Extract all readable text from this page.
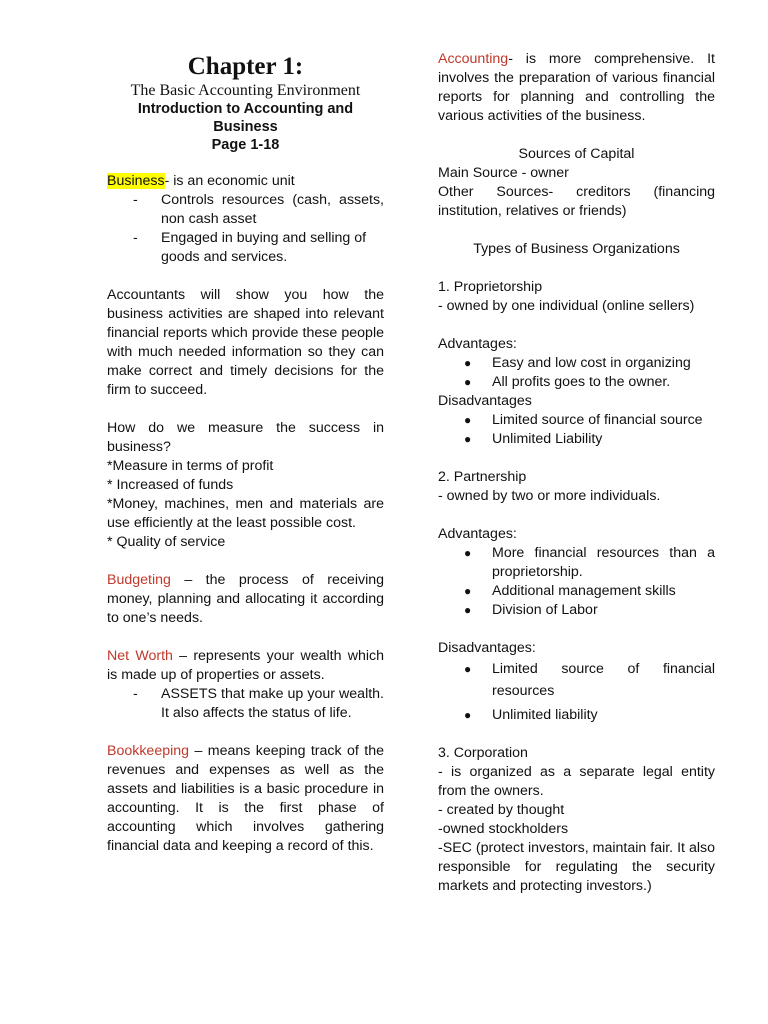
Chapter 1:
The Basic Accounting Environment
Introduction to Accounting and Business
Page 1-18

Business- is an economic unit

- Controls resources (cash, assets, non cash asset
- Engaged in buying and selling of goods and services.

Accountants will show you how the business activities are shaped into relevant financial reports which provide these people with much needed information so they can make correct and timely decisions for the firm to succeed.

How do we measure the success in business?

*Measure in terms of profit

* Increased of funds

*Money, machines, men and materials are use efficiently at the least possible cost.

* Quality of service

Budgeting – the process of receiving money, planning and allocating it according to one’s needs.

Net Worth – represents your wealth which is made up of properties or assets.

- ASSETS that make up your wealth. It also affects the status of life.

Bookkeeping – means keeping track of the revenues and expenses as well as the assets and liabilities is a basic procedure in accounting. It is the first phase of accounting which involves gathering financial data and keeping a record of this.

Accounting- is more comprehensive. It involves the preparation of various financial reports for planning and controlling the various activities of the business.

Sources of Capital

Main Source - owner

Other Sources- creditors (financing institution, relatives or friends)

Types of Business Organizations

1. Proprietorship

- owned by one individual (online sellers)

Advantages:

● Easy and low cost in organizing
● All profits goes to the owner.

Disadvantages

● Limited source of financial source
● Unlimited Liability

2. Partnership

- owned by two or more individuals.

Advantages:

● More financial resources than a proprietorship.
● Additional management skills
● Division of Labor

Disadvantages:

● Limited source of financial resources
● Unlimited liability

3. Corporation

- is organized as a separate legal entity from the owners.

- created by thought

-owned stockholders

-SEC (protect investors, maintain fair. It also responsible for regulating the security markets and protecting investors.)
